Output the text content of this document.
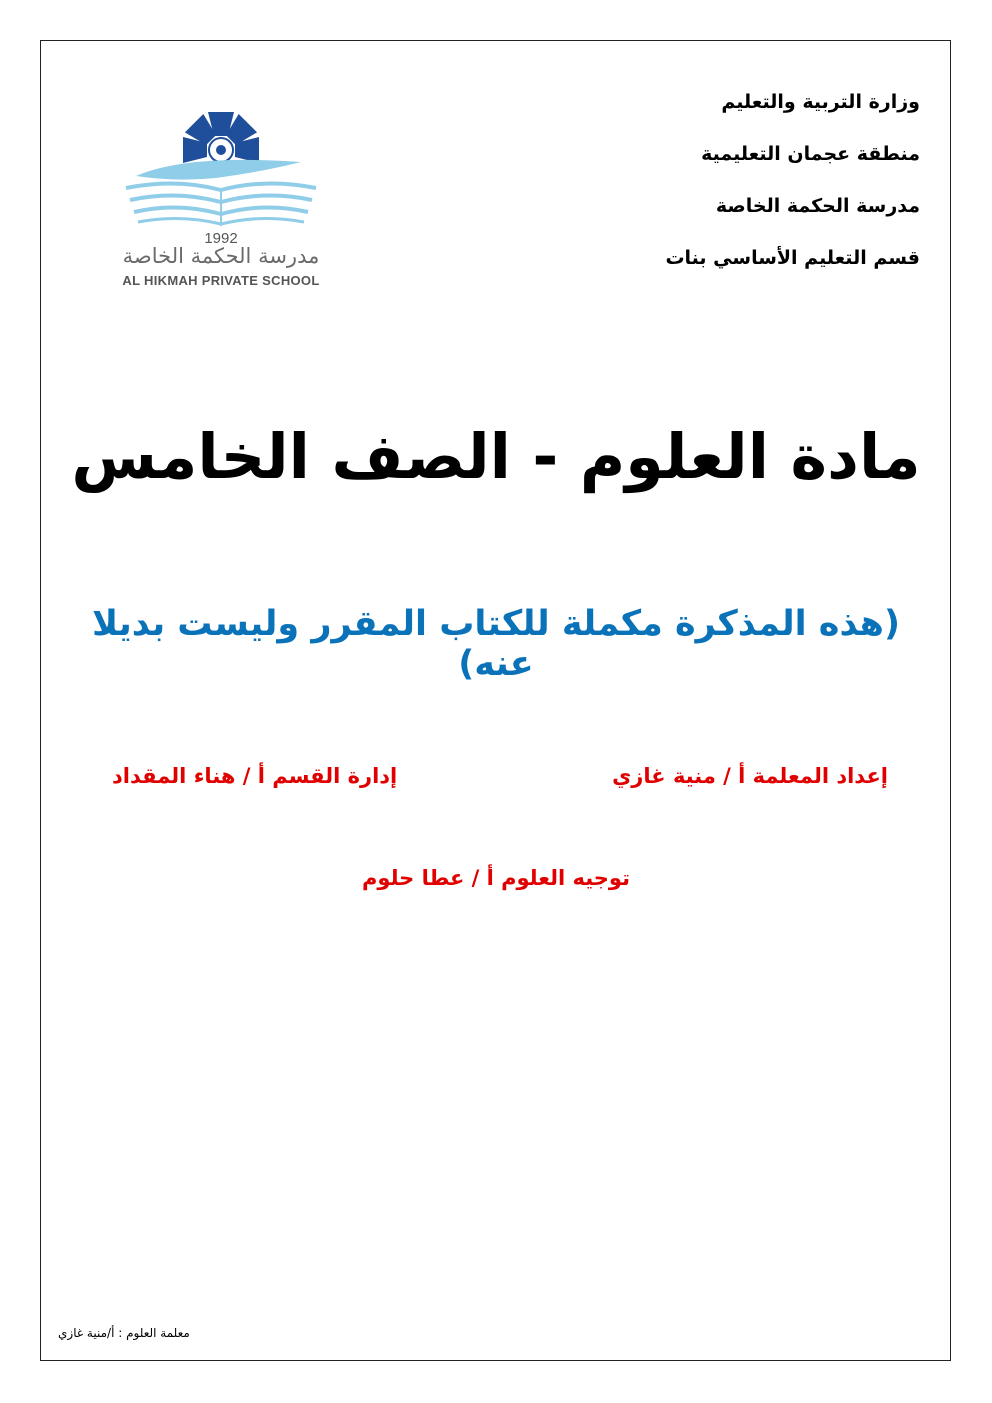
وزارة التربية والتعليم
منطقة عجمان التعليمية
مدرسة الحكمة الخاصة
قسم التعليم الأساسي بنات
1992
مدرسة الحكمة الخاصة
AL HIKMAH PRIVATE SCHOOL
مادة العلوم - الصف الخامس
(هذه المذكرة مكملة للكتاب المقرر وليست بديلا عنه)
إعداد المعلمة أ / منية غازي
إدارة القسم أ / هناء المقداد
توجيه العلوم أ / عطا حلوم
معلمة العلوم : أ/منية غازي
